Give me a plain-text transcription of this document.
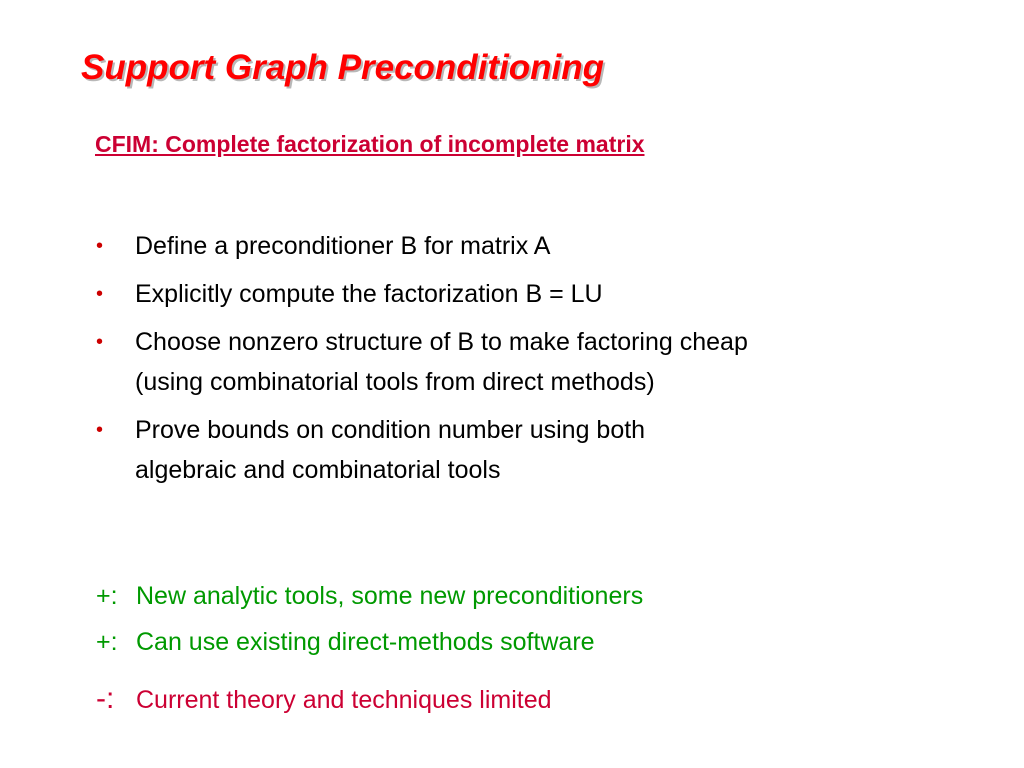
Support Graph Preconditioning
CFIM: Complete factorization of incomplete matrix
•	Define a preconditioner B for matrix A
•	Explicitly compute the factorization B = LU
•	Choose nonzero structure of B to make factoring cheap
(using combinatorial tools from direct methods)
•	Prove bounds on condition number using both
algebraic and combinatorial tools
+: New analytic tools, some new preconditioners
+: Can use existing direct-methods software
-: Current theory and techniques limited
